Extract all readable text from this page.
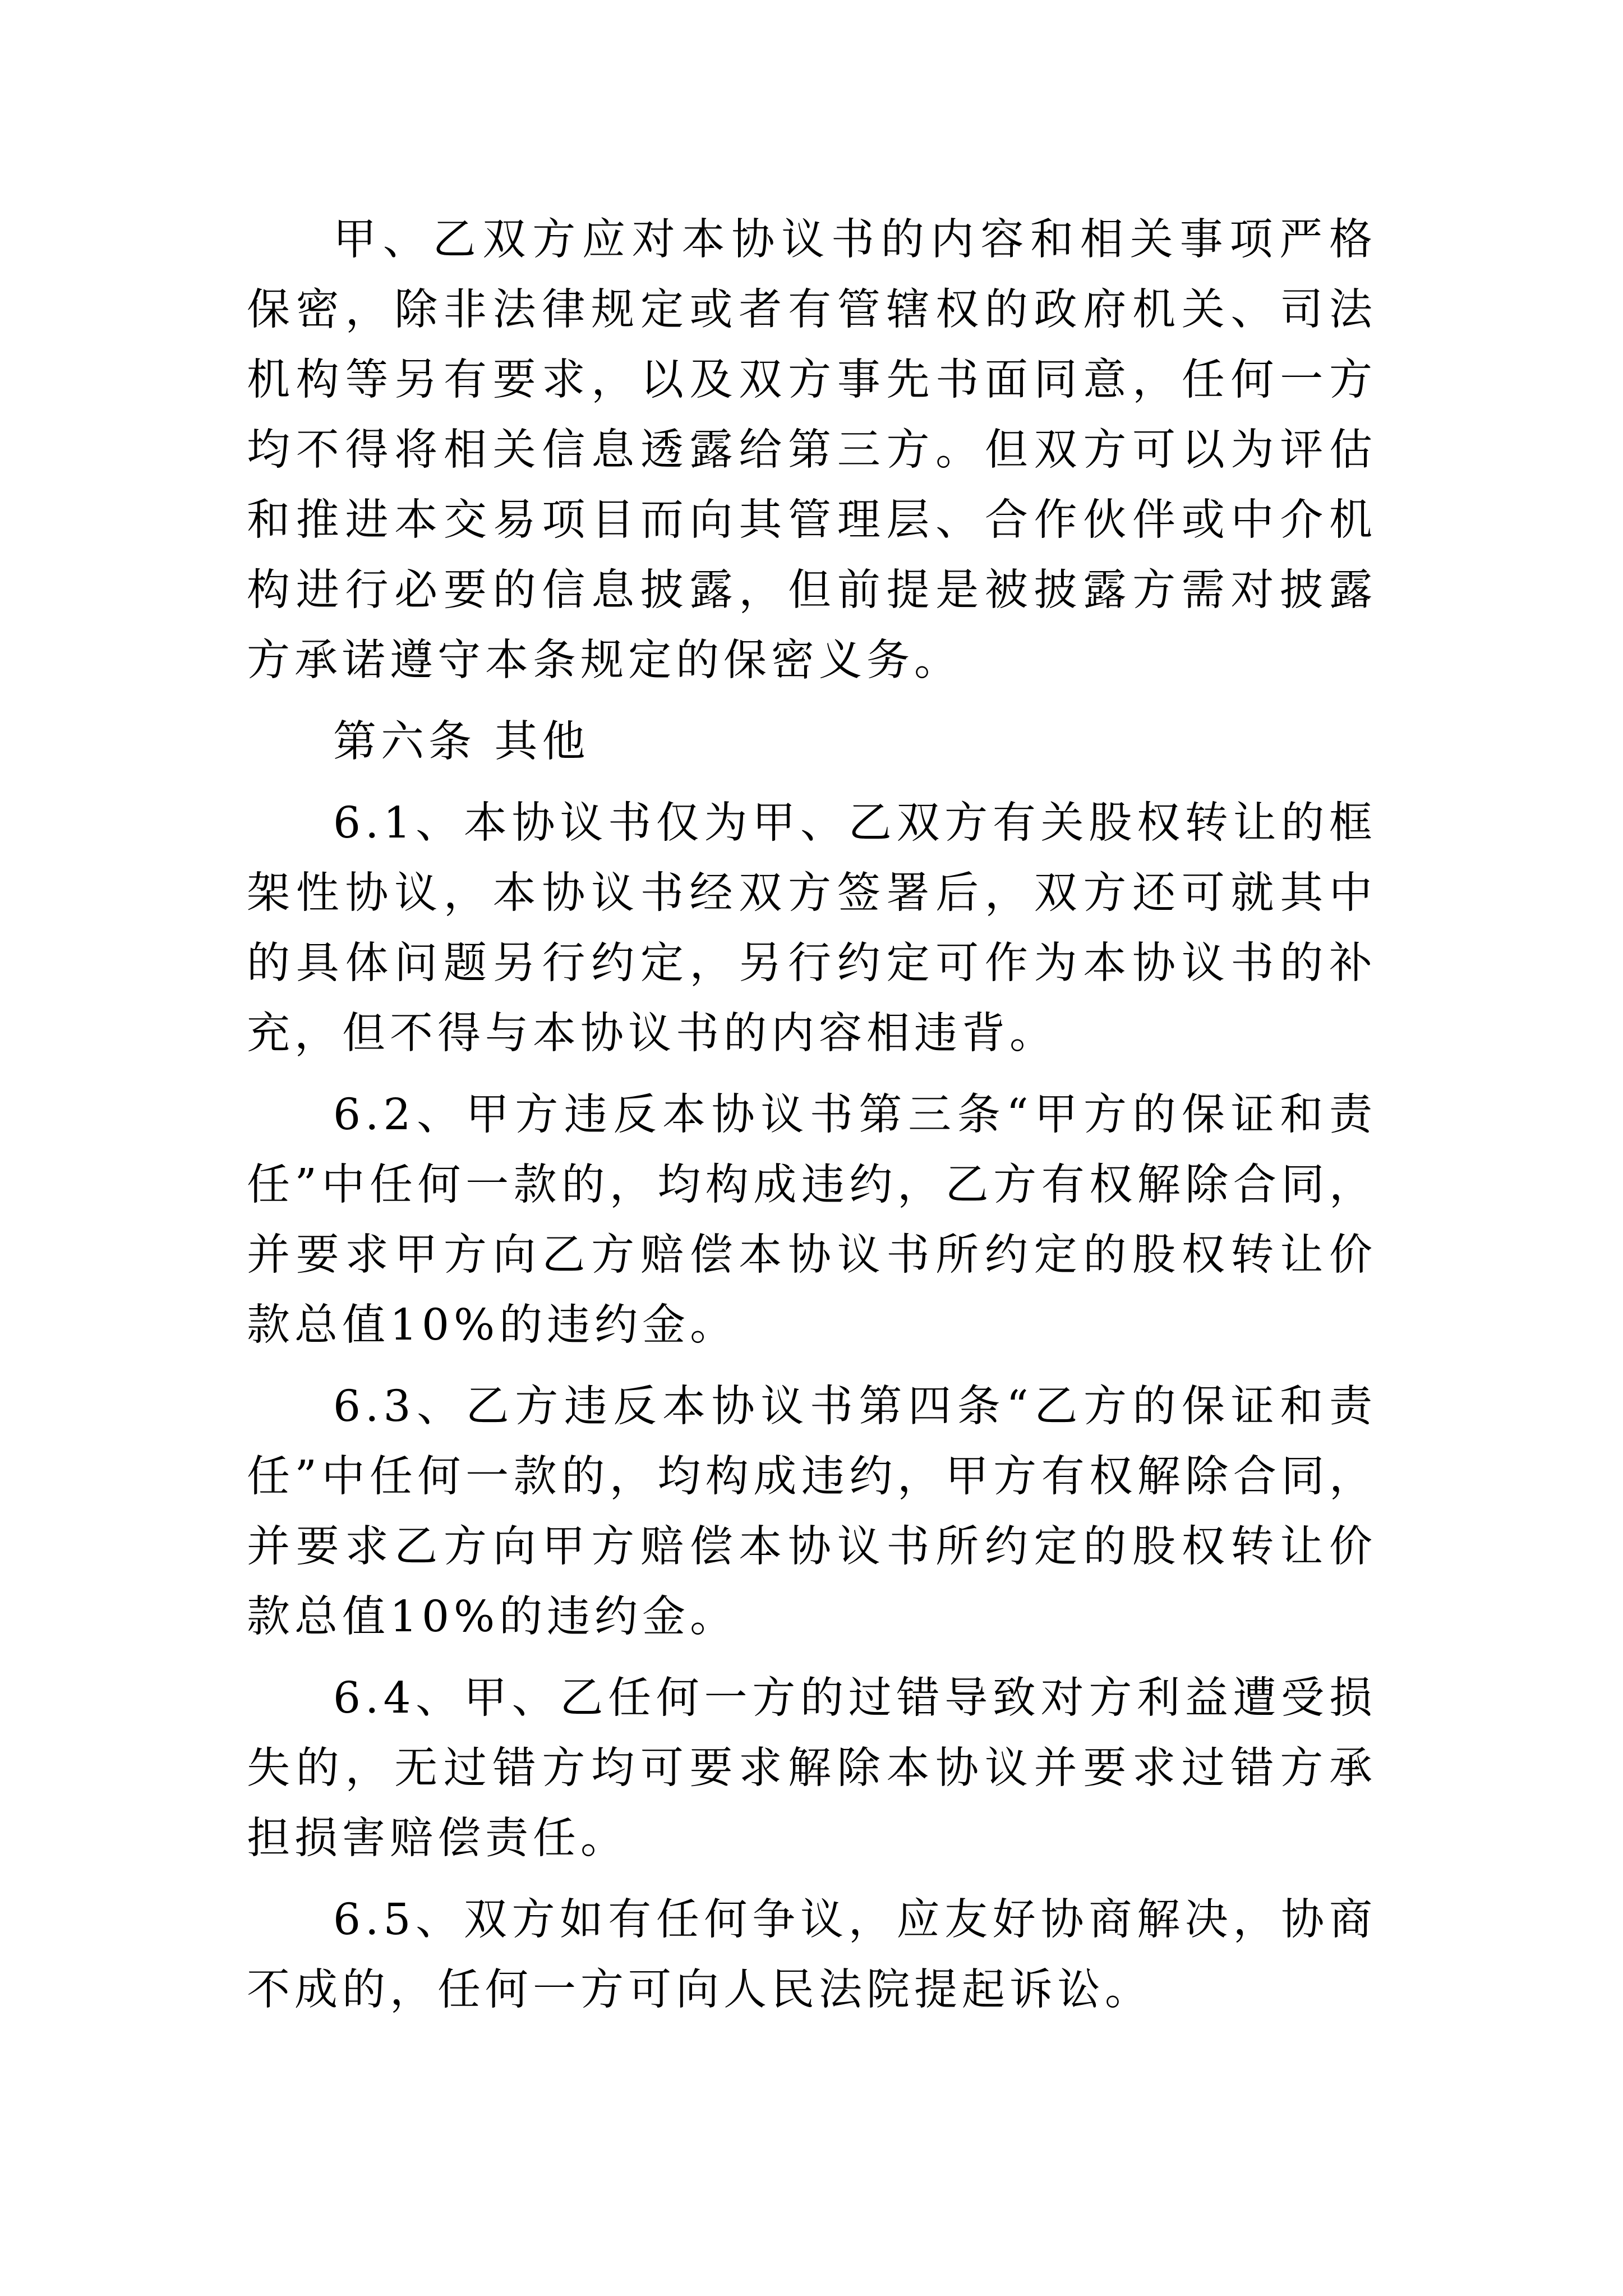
甲、乙双方应对本协议书的内容和相关事项严格保密，除非法律规定或者有管辖权的政府机关、司法机构等另有要求，以及双方事先书面同意，任何一方均不得将相关信息透露给第三方。但双方可以为评估和推进本交易项目而向其管理层、合作伙伴或中介机构进行必要的信息披露，但前提是被披露方需对披露方承诺遵守本条规定的保密义务。

第六条 其他

6.1、本协议书仅为甲、乙双方有关股权转让的框架性协议，本协议书经双方签署后，双方还可就其中的具体问题另行约定，另行约定可作为本协议书的补充，但不得与本协议书的内容相违背。

6.2、甲方违反本协议书第三条“甲方的保证和责任”中任何一款的，均构成违约，乙方有权解除合同，并要求甲方向乙方赔偿本协议书所约定的股权转让价款总值10%的违约金。

6.3、乙方违反本协议书第四条“乙方的保证和责任”中任何一款的，均构成违约，甲方有权解除合同，并要求乙方向甲方赔偿本协议书所约定的股权转让价款总值10%的违约金。

6.4、甲、乙任何一方的过错导致对方利益遭受损失的，无过错方均可要求解除本协议并要求过错方承担损害赔偿责任。

6.5、双方如有任何争议，应友好协商解决，协商不成的，任何一方可向人民法院提起诉讼。
